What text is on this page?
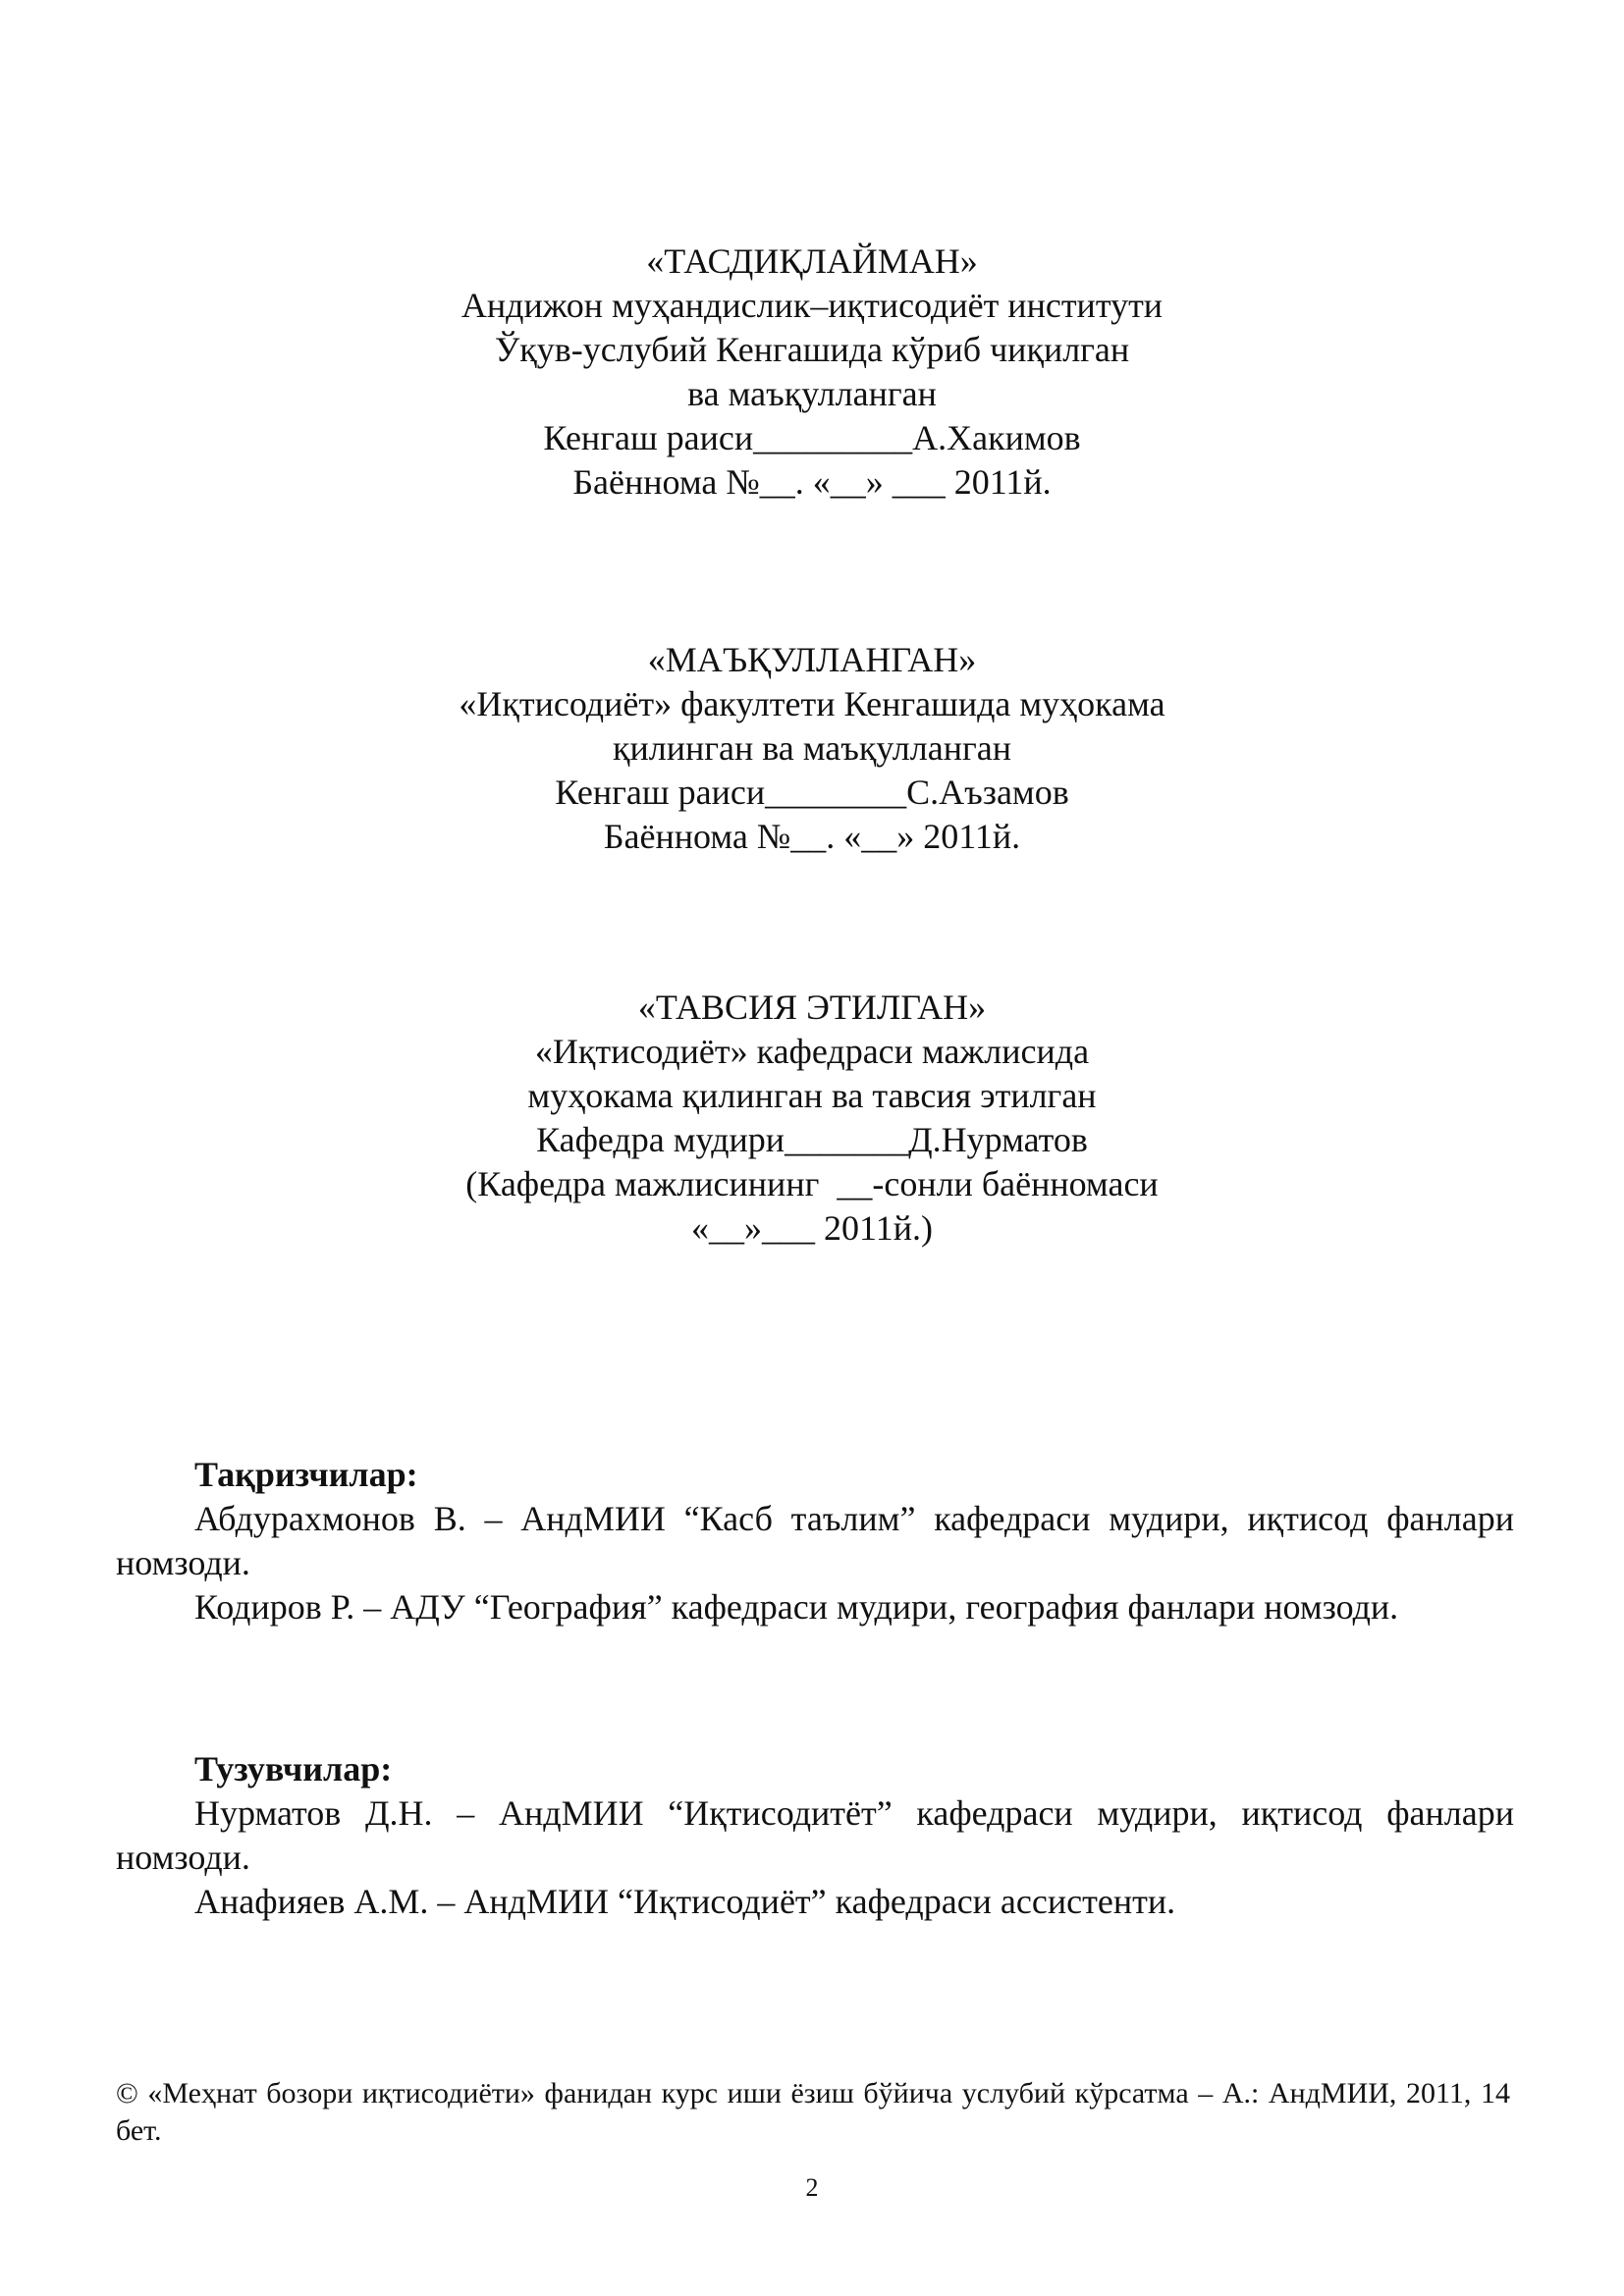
«ТАСДИҚЛАЙМАН»
Андижон муҳандислик–иқтисодиёт институти
Ўқув-услубий Кенгашида кўриб чиқилган
ва маъқулланган
Кенгаш раиси_________А.Хакимов
Баённома №__. «__» ___ 2011й.
«МАЪҚУЛЛАНГАН»
«Иқтисодиёт» факултети Кенгашида муҳокама
қилинган ва маъқулланган
Кенгаш раиси________С.Аъзамов
Баённома №__. «__» 2011й.
«ТАВСИЯ ЭТИЛГАН»
«Иқтисодиёт» кафедраси мажлисида
муҳокама қилинган ва тавсия этилган
Кафедра мудири_______Д.Нурматов
(Кафедра мажлисининг  __-сонли баённомаси
«__»___ 2011й.)
Тақризчилар:

Абдурахмонов В. – АндМИИ “Касб таълим” кафедраси мудири, иқтисод фанлари номзоди.

Кодиров Р. – АДУ “География” кафедраси мудири, география фанлари номзоди.

Тузувчилар:

Нурматов Д.Н. – АндМИИ “Иқтисодитёт” кафедраси мудири, иқтисод фанлари номзоди.

Анафияев А.М. – АндМИИ “Иқтисодиёт” кафедраси ассистенти.

© «Меҳнат бозори иқтисодиёти» фанидан курс иши ёзиш бўйича услубий кўрсатма – А.: АндМИИ, 2011, 14 бет.
2
